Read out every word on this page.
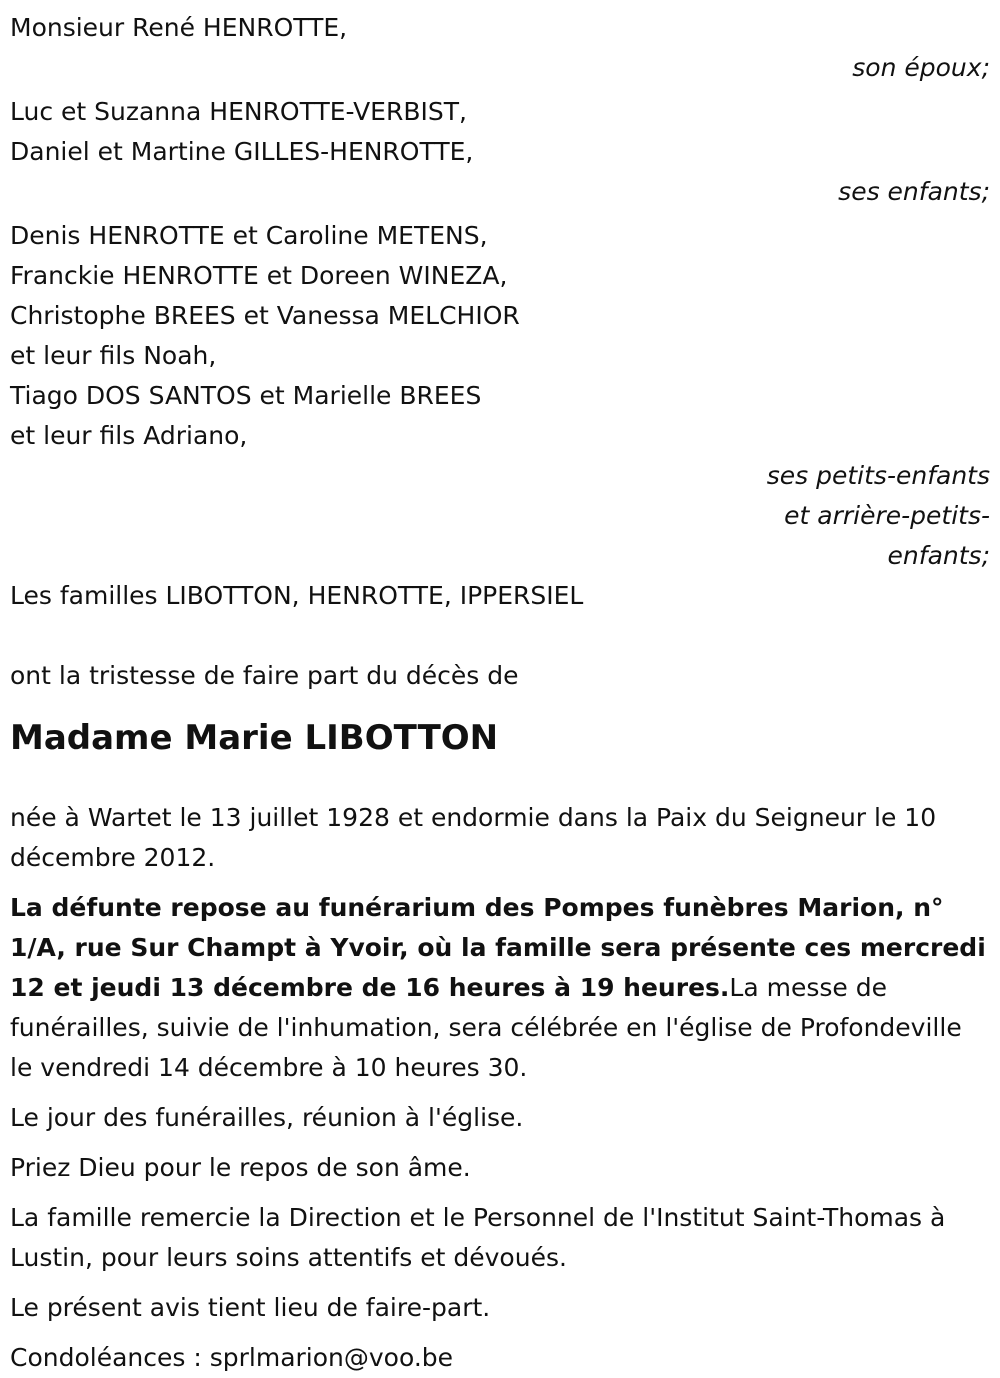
Monsieur René HENROTTE,
son époux;
Luc et Suzanna HENROTTE-VERBIST,
Daniel et Martine GILLES-HENROTTE,
ses enfants;
Denis HENROTTE et Caroline METENS,
Franckie HENROTTE et Doreen WINEZA,
Christophe BREES et Vanessa MELCHIOR
et leur fils Noah,
Tiago DOS SANTOS et Marielle BREES
et leur fils Adriano,
ses petits-enfants
et arrière-petits-
enfants;
Les familles LIBOTTON, HENROTTE, IPPERSIEL
ont la tristesse de faire part du décès de
Madame Marie LIBOTTON
née à Wartet le 13 juillet 1928 et endormie dans la Paix du Seigneur le 10 décembre 2012.

La défunte repose au funérarium des Pompes funèbres Marion, n° 1/A, rue Sur Champt à Yvoir, où la famille sera présente ces mercredi 12 et jeudi 13 décembre de 16 heures à 19 heures.La messe de funérailles, suivie de l'inhumation, sera célébrée en l'église de Profondeville le vendredi 14 décembre à 10 heures 30.

Le jour des funérailles, réunion à l'église.
Priez Dieu pour le repos de son âme.
La famille remercie la Direction et le Personnel de l'Institut Saint-Thomas à Lustin, pour leurs soins attentifs et dévoués.
Le présent avis tient lieu de faire-part.
Condoléances : sprlmarion@voo.be
